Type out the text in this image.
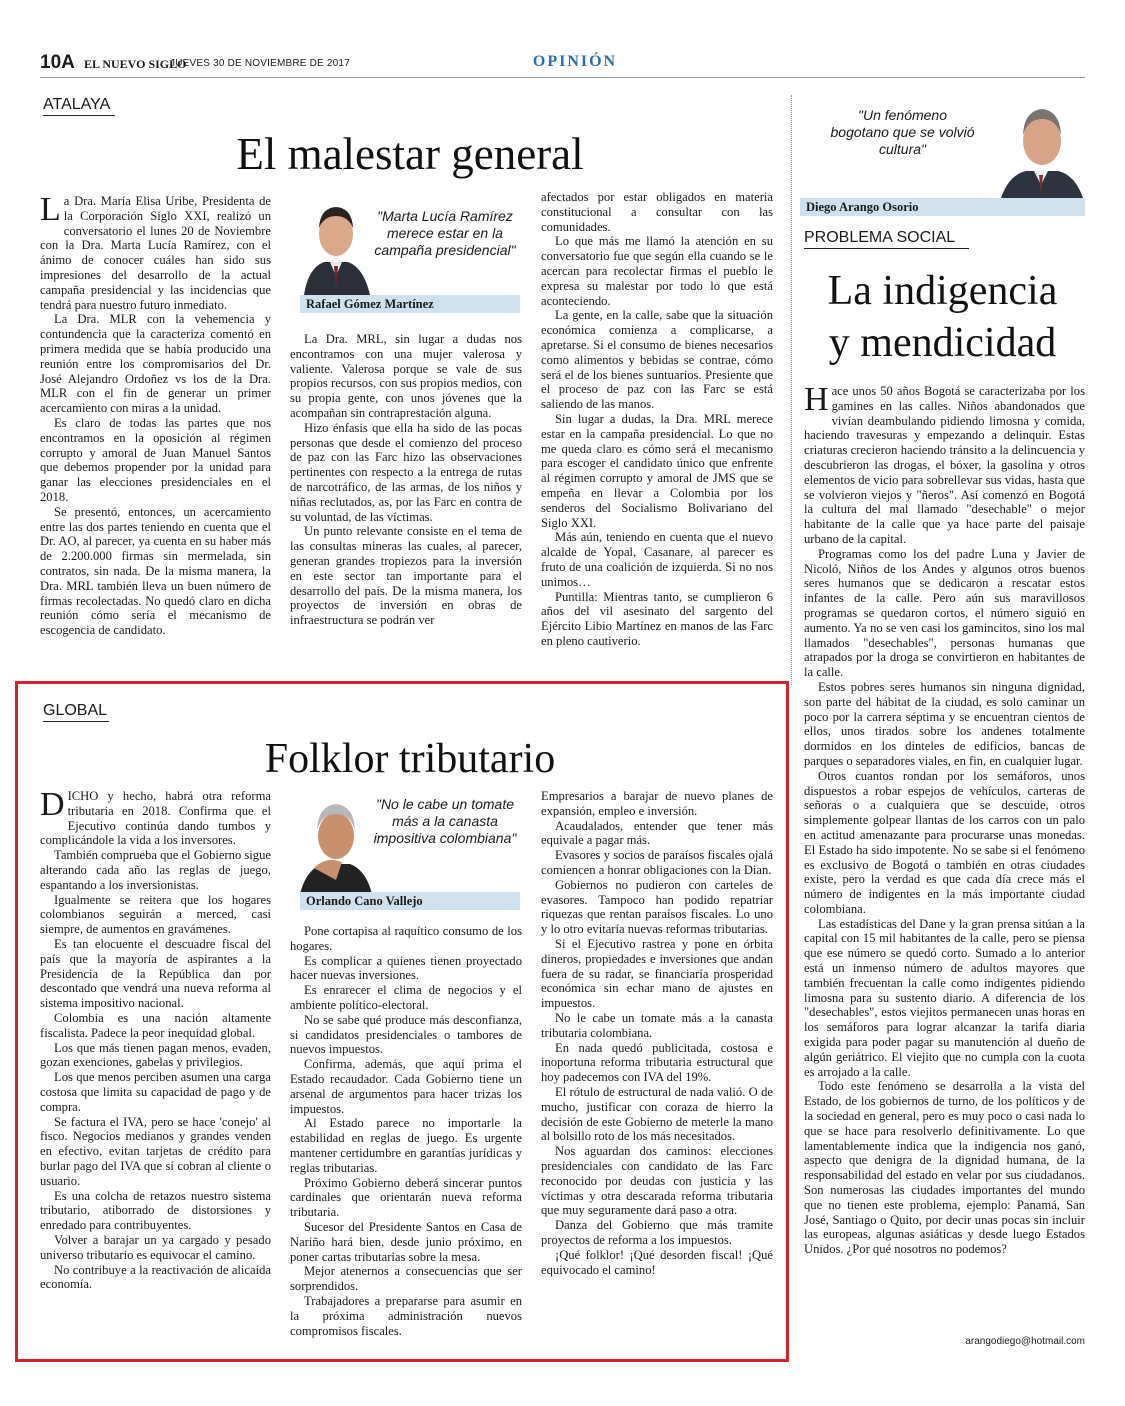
10A EL NUEVO SIGLO
JUEVES 30 DE NOVIEMBRE DE 2017	OPINIÓN
ATALAYA
El malestar general

La Dra. María Elisa Uribe, Presidenta de la Corporación Siglo XXI, realizó un conversatorio el lunes 20 de Noviembre con la Dra. Marta Lucía Ramírez, con el ánimo de conocer cuáles han sido sus impresiones del desarrollo de la actual campaña presidencial y las incidencias que tendrá para nuestro futuro inmediato.

La Dra. MLR con la vehemencia y contundencia que la caracteriza comentó en primera medida que se había producido una reunión entre los compromisarios del Dr. José Alejandro Ordoñez vs los de la Dra. MLR con el fin de generar un primer acercamiento con miras a la unidad.

Es claro de todas las partes que nos encontramos en la oposición al régimen corrupto y amoral de Juan Manuel Santos que debemos propender por la unidad para ganar las elecciones presidenciales en el 2018.

Se presentó, entonces, un acercamiento entre las dos partes teniendo en cuenta que el Dr. AO, al parecer, ya cuenta en su haber más de 2.200.000 firmas sin mermelada, sin contratos, sin nada. De la misma manera, la Dra. MRL también lleva un buen número de firmas recolectadas. No quedó claro en dicha reunión cómo sería el mecanismo de escogencia de candidato.

"Marta Lucía Ramírez merece estar en la campaña presidencial"
Rafael Gómez Martínez

La Dra. MRL, sin lugar a dudas nos encontramos con una mujer valerosa y valiente. Valerosa porque se vale de sus propios recursos, con sus propios medios, con su propia gente, con unos jóvenes que la acompañan sin contraprestación alguna.

Hizo énfasis que ella ha sido de las pocas personas que desde el comienzo del proceso de paz con las Farc hizo las observaciones pertinentes con respecto a la entrega de rutas de narcotráfico, de las armas, de los niños y niñas reclutados, as, por las Farc en contra de su voluntad, de las víctimas.

Un punto relevante consiste en el tema de las consultas mineras las cuales, al parecer, generan grandes tropiezos para la inversión en este sector tan importante para el desarrollo del país. De la misma manera, los proyectos de inversión en obras de infraestructura se podrán ver

afectados por estar obligados en materia constitucional a consultar con las comunidades.

Lo que más me llamó la atención en su conversatorio fue que según ella cuando se le acercan para recolectar firmas el pueblo le expresa su malestar por todo lo que está aconteciendo.

La gente, en la calle, sabe que la situación económica comienza a complicarse, a apretarse. Si el consumo de bienes necesarios como alimentos y bebidas se contrae, cómo será el de los bienes suntuarios. Presiente que el proceso de paz con las Farc se está saliendo de las manos.

Sin lugar a dudas, la Dra. MRL merece estar en la campaña presidencial. Lo que no me queda claro es cómo será el mecanismo para escoger el candidato único que enfrente al régimen corrupto y amoral de JMS que se empeña en llevar a Colombia por los senderos del Socialismo Bolivariano del Siglo XXI.

Más aún, teniendo en cuenta que el nuevo alcalde de Yopal, Casanare, al parecer es fruto de una coalición de izquierda. Si no nos unimos…

Puntilla: Mientras tanto, se cumplieron 6 años del vil asesinato del sargento del Ejército Libio Martínez en manos de las Farc en pleno cautiverio.

GLOBAL
Folklor tributario

DICHO y hecho, habrá otra reforma tributaria en 2018. Confirma que el Ejecutivo continúa dando tumbos y complicándole la vida a los inversores.

También comprueba que el Gobierno sigue alterando cada año las reglas de juego, espantando a los inversionistas.

Igualmente se reitera que los hogares colombianos seguirán a merced, casi siempre, de aumentos en gravámenes.

Es tan elocuente el descuadre fiscal del país que la mayoría de aspirantes a la Presidencia de la República dan por descontado que vendrá una nueva reforma al sistema impositivo nacional.

Colombia es una nación altamente fiscalista. Padece la peor inequidad global.

Los que más tienen pagan menos, evaden, gozan exenciones, gabelas y privilegios.

Los que menos perciben asumen una carga costosa que limita su capacidad de pago y de compra.

Se factura el IVA, pero se hace 'conejo' al fisco. Negocios medianos y grandes venden en efectivo, evitan tarjetas de crédito para burlar pago del IVA que sí cobran al cliente o usuario.

Es una colcha de retazos nuestro sistema tributario, atiborrado de distorsiones y enredado para contribuyentes.

Volver a barajar un ya cargado y pesado universo tributario es equivocar el camino.

No contribuye a la reactivación de alicaída economía.

"No le cabe un tomate más a la canasta impositiva colombiana"
Orlando Cano Vallejo

Pone cortapisa al raquítico consumo de los hogares.

Es complicar a quienes tienen proyectado hacer nuevas inversiones.

Es enrarecer el clima de negocios y el ambiente político-electoral.

No se sabe qué produce más desconfianza, si candidatos presidenciales o tambores de nuevos impuestos.

Confirma, además, que aquí prima el Estado recaudador. Cada Gobierno tiene un arsenal de argumentos para hacer trizas los impuestos.

Al Estado parece no importarle la estabilidad en reglas de juego. Es urgente mantener certidumbre en garantías jurídicas y reglas tributarias.

Próximo Gobierno deberá sincerar puntos cardinales que orientarán nueva reforma tributaria.

Sucesor del Presidente Santos en Casa de Nariño hará bien, desde junio próximo, en poner cartas tributarias sobre la mesa.

Mejor atenernos a consecuencias que ser sorprendidos.

Trabajadores a prepararse para asumir en la próxima administración nuevos compromisos fiscales.

Empresarios a barajar de nuevo planes de expansión, empleo e inversión.

Acaudalados, entender que tener más equivale a pagar más.

Evasores y socios de paraísos fiscales ojalá comiencen a honrar obligaciones con la Dian.

Gobiernos no pudieron con carteles de evasores. Tampoco han podido repatriar riquezas que rentan paraísos fiscales. Lo uno y lo otro evitaría nuevas reformas tributarias.

Si el Ejecutivo rastrea y pone en órbita dineros, propiedades e inversiones que andan fuera de su radar, se financiaría prosperidad económica sin echar mano de ajustes en impuestos.

No le cabe un tomate más a la canasta tributaria colombiana.

En nada quedó publicitada, costosa e inoportuna reforma tributaria estructural que hoy padecemos con IVA del 19%.

El rótulo de estructural de nada valió. O de mucho, justificar con coraza de hierro la decisión de este Gobierno de meterle la mano al bolsillo roto de los más necesitados.

Nos aguardan dos caminos: elecciones presidenciales con candidato de las Farc reconocido por deudas con justicia y las víctimas y otra descarada reforma tributaria que muy seguramente dará paso a otra.

Danza del Gobierno que más tramite proyectos de reforma a los impuestos.

¡Qué folklor! ¡Qué desorden fiscal! ¡Qué equivocado el camino!

"Un fenómeno bogotano que se volvió cultura"
Diego Arango Osorio
PROBLEMA SOCIAL
La indigencia
y mendicidad

Hace unos 50 años Bogotá se caracterizaba por los gamines en las calles. Niños abandonados que vivían deambulando pidiendo limosna y comida, haciendo travesuras y empezando a delinquir. Estas criaturas crecieron haciendo tránsito a la delincuencia y descubrieron las drogas, el bóxer, la gasolina y otros elementos de vicio para sobrellevar sus vidas, hasta que se volvieron viejos y "ñeros". Así comenzó en Bogotá la cultura del mal llamado "desechable" o mejor habitante de la calle que ya hace parte del paisaje urbano de la capital.

Programas como los del padre Luna y Javier de Nicoló, Niños de los Andes y algunos otros buenos seres humanos que se dedicaron a rescatar estos infantes de la calle. Pero aún sus maravillosos programas se quedaron cortos, el número siguió en aumento. Ya no se ven casi los gamincitos, sino los mal llamados "desechables", personas humanas que atrapados por la droga se convirtieron en habitantes de la calle.

Estos pobres seres humanos sin ninguna dignidad, son parte del hábitat de la ciudad, es solo caminar un poco por la carrera séptima y se encuentran cientos de ellos, unos tirados sobre los andenes totalmente dormidos en los dinteles de edificios, bancas de parques o separadores viales, en fin, en cualquier lugar.

Otros cuantos rondan por los semáforos, unos dispuestos a robar espejos de vehículos, carteras de señoras o a cualquiera que se descuide, otros simplemente golpear llantas de los carros con un palo en actitud amenazante para procurarse unas monedas. El Estado ha sido impotente. No se sabe si el fenómeno es exclusivo de Bogotá o también en otras ciudades existe, pero la verdad es que cada día crece más el número de indigentes en la más importante ciudad colombiana.

Las estadísticas del Dane y la gran prensa sitúan a la capital con 15 mil habitantes de la calle, pero se piensa que ese número se quedó corto. Sumado a lo anterior está un inmenso número de adultos mayores que también frecuentan la calle como indigentes pidiendo limosna para su sustento diario. A diferencia de los "desechables", estos viejitos permanecen unas horas en los semáforos para lograr alcanzar la tarifa diaria exigida para poder pagar su manutención al dueño de algún geriátrico. El viejito que no cumpla con la cuota es arrojado a la calle.

Todo este fenómeno se desarrolla a la vista del Estado, de los gobiernos de turno, de los políticos y de la sociedad en general, pero es muy poco o casi nada lo que se hace para resolverlo definitivamente. Lo que lamentablemente indica que la indigencia nos ganó, aspecto que denigra de la dignidad humana, de la responsabilidad del estado en velar por sus ciudadanos. Son numerosas las ciudades importantes del mundo que no tienen este problema, ejemplo: Panamá, San José, Santiago o Quito, por decir unas pocas sin incluir las europeas, algunas asiáticas y desde luego Estados Unidos. ¿Por qué nosotros no podemos?

arangodiego@hotmail.com
